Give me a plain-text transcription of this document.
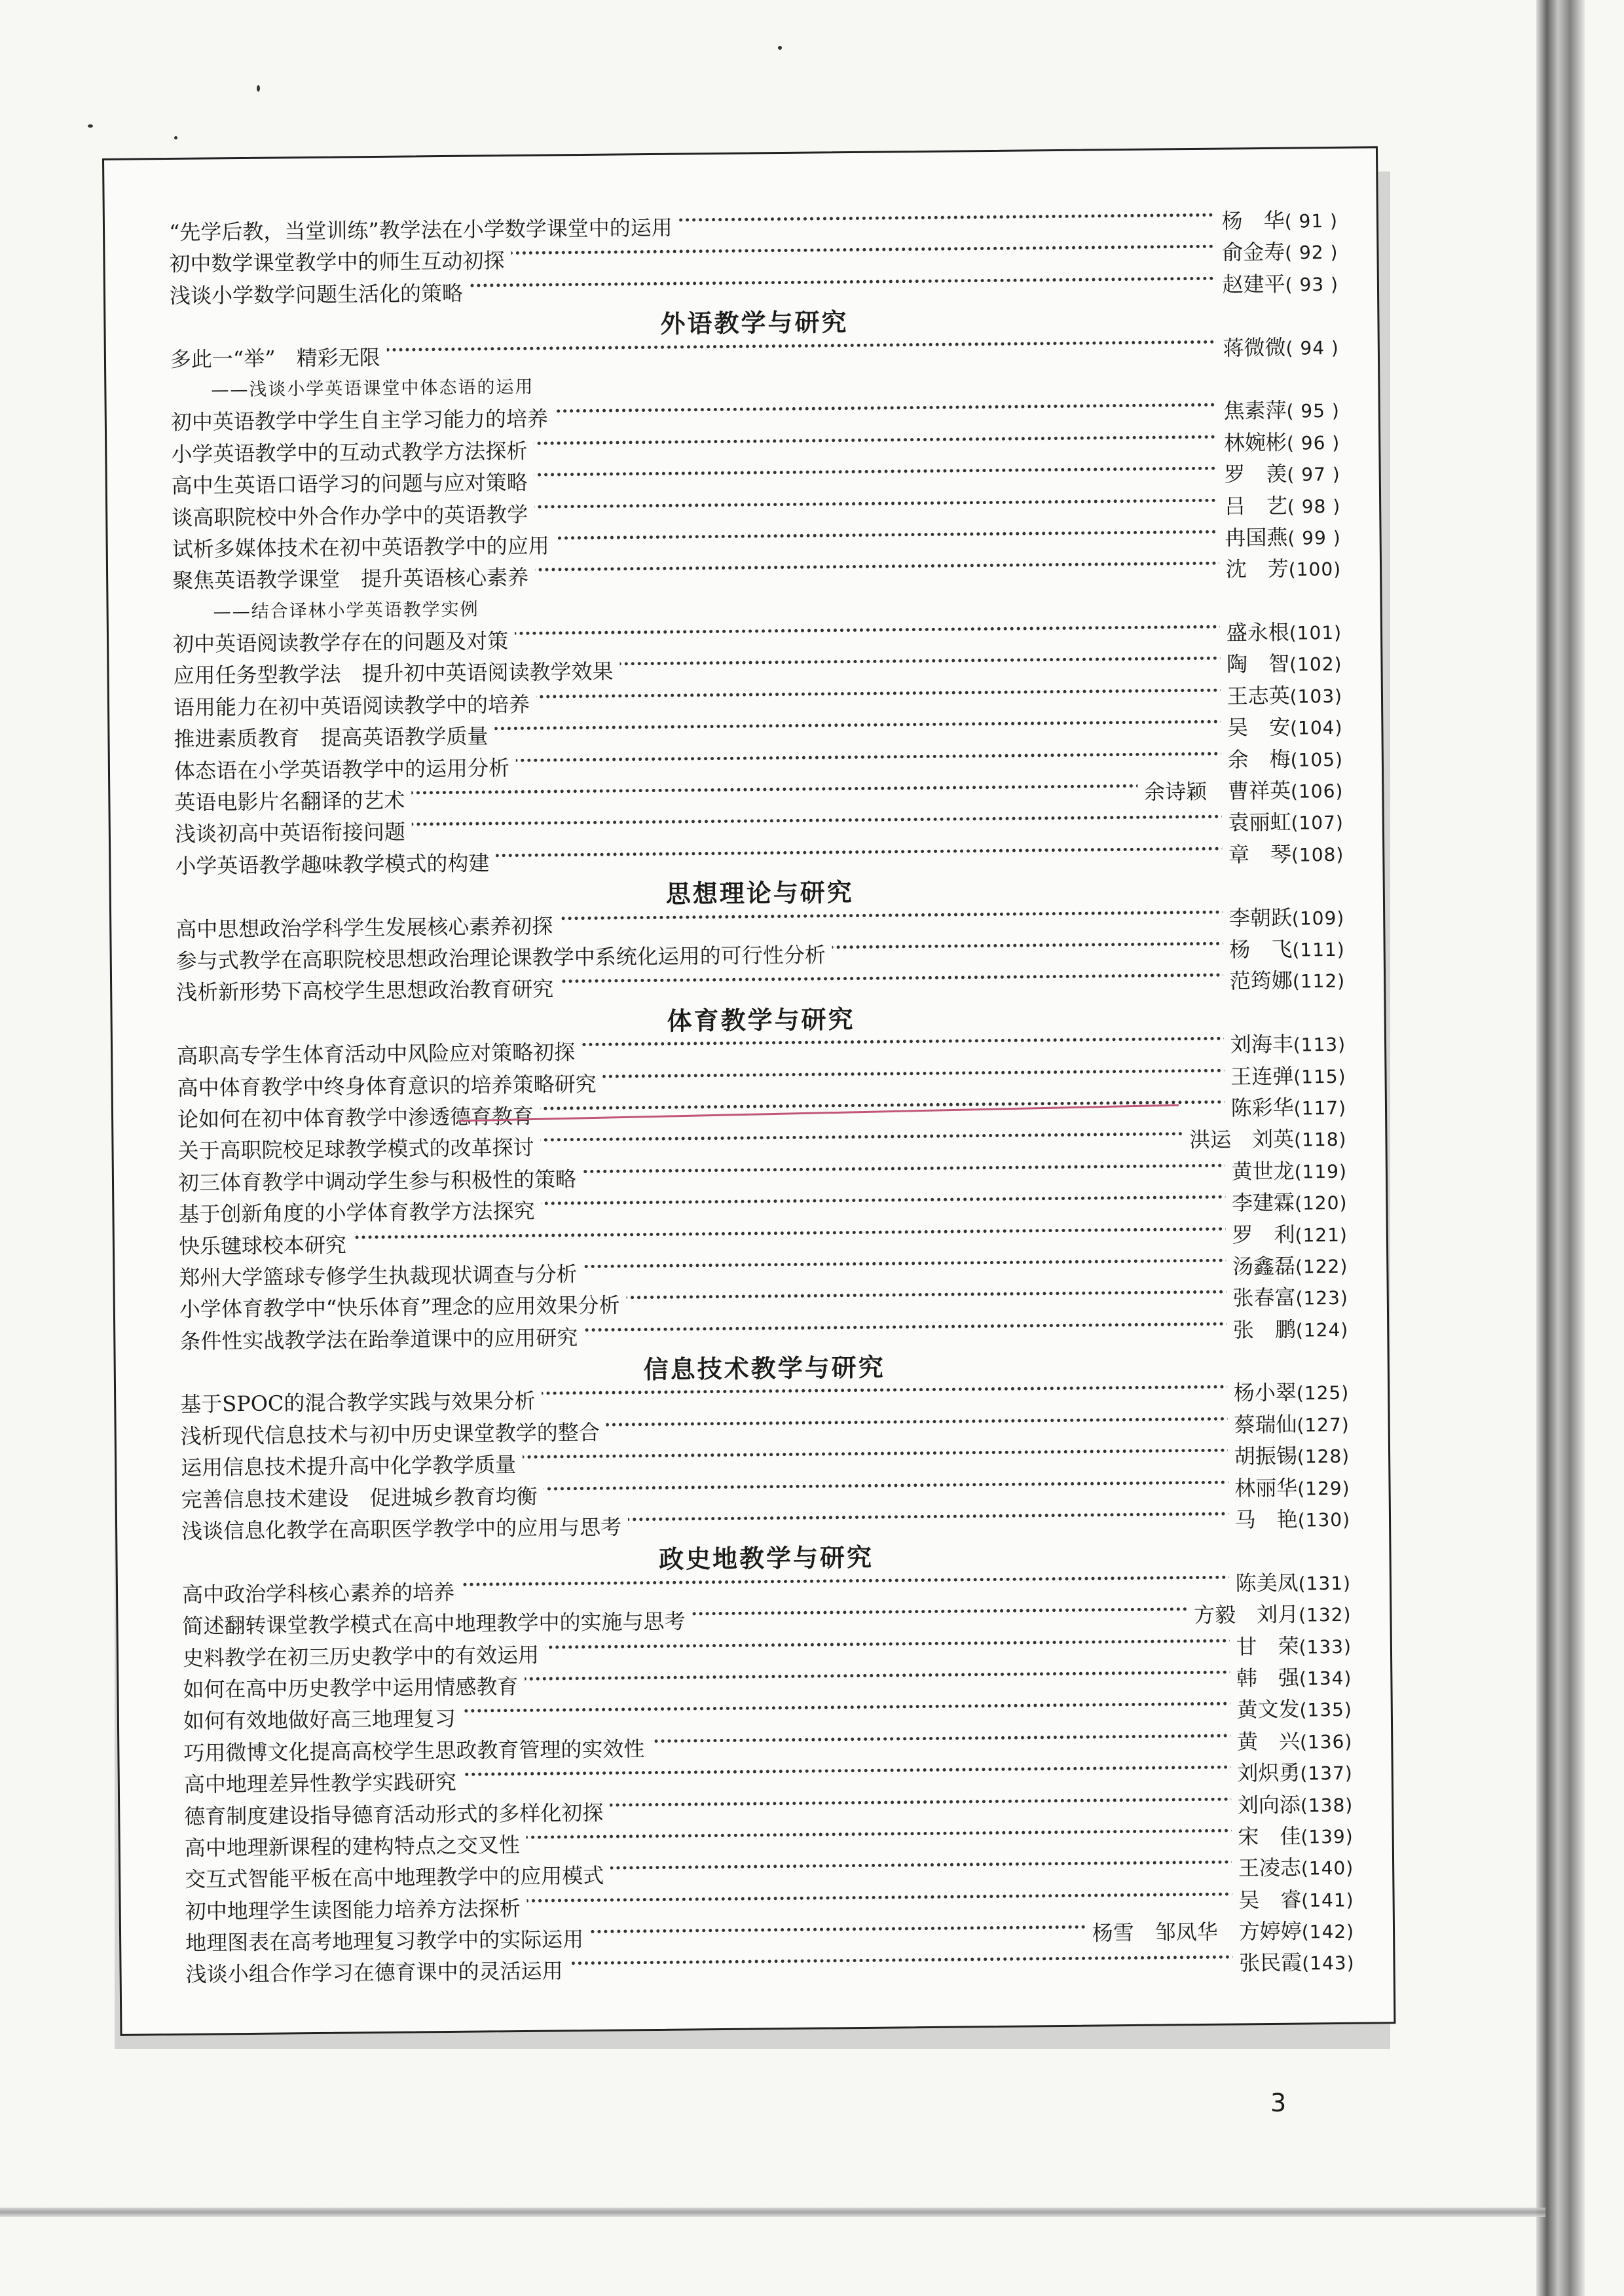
“先学后教，当堂训练”教学法在小学数学课堂中的运用	杨　华( 91 )
初中数学课堂教学中的师生互动初探	俞金寿( 92 )
浅谈小学数学问题生活化的策略	赵建平( 93 )
外语教学与研究
多此一“举”　精彩无限	蒋微微( 94 )
——浅谈小学英语课堂中体态语的运用
初中英语教学中学生自主学习能力的培养	焦素萍( 95 )
小学英语教学中的互动式教学方法探析	林婉彬( 96 )
高中生英语口语学习的问题与应对策略	罗　羡( 97 )
谈高职院校中外合作办学中的英语教学	吕　艺( 98 )
试析多媒体技术在初中英语教学中的应用	冉国燕( 99 )
聚焦英语教学课堂　提升英语核心素养	沈　芳(100)
——结合译林小学英语教学实例
初中英语阅读教学存在的问题及对策	盛永根(101)
应用任务型教学法　提升初中英语阅读教学效果	陶　智(102)
语用能力在初中英语阅读教学中的培养	王志英(103)
推进素质教育　提高英语教学质量	吴　安(104)
体态语在小学英语教学中的运用分析	余　梅(105)
英语电影片名翻译的艺术	余诗颖　曹祥英(106)
浅谈初高中英语衔接问题	袁丽虹(107)
小学英语教学趣味教学模式的构建	章　琴(108)
思想理论与研究
高中思想政治学科学生发展核心素养初探	李朝跃(109)
参与式教学在高职院校思想政治理论课教学中系统化运用的可行性分析	杨　飞(111)
浅析新形势下高校学生思想政治教育研究	范筠娜(112)
体育教学与研究
高职高专学生体育活动中风险应对策略初探	刘海丰(113)
高中体育教学中终身体育意识的培养策略研究	王连弹(115)
论如何在初中体育教学中渗透德育教育	陈彩华(117)
关于高职院校足球教学模式的改革探讨	洪运　刘英(118)
初三体育教学中调动学生参与积极性的策略	黄世龙(119)
基于创新角度的小学体育教学方法探究	李建霖(120)
快乐毽球校本研究	罗　利(121)
郑州大学篮球专修学生执裁现状调查与分析	汤鑫磊(122)
小学体育教学中“快乐体育”理念的应用效果分析	张春富(123)
条件性实战教学法在跆拳道课中的应用研究	张　鹏(124)
信息技术教学与研究
基于SPOC的混合教学实践与效果分析	杨小翠(125)
浅析现代信息技术与初中历史课堂教学的整合	蔡瑞仙(127)
运用信息技术提升高中化学教学质量	胡振锡(128)
完善信息技术建设　促进城乡教育均衡	林丽华(129)
浅谈信息化教学在高职医学教学中的应用与思考	马　艳(130)
政史地教学与研究
高中政治学科核心素养的培养	陈美凤(131)
简述翻转课堂教学模式在高中地理教学中的实施与思考	方毅　刘月(132)
史料教学在初三历史教学中的有效运用	甘　荣(133)
如何在高中历史教学中运用情感教育	韩　强(134)
如何有效地做好高三地理复习	黄文发(135)
巧用微博文化提高高校学生思政教育管理的实效性	黄　兴(136)
高中地理差异性教学实践研究	刘炽勇(137)
德育制度建设指导德育活动形式的多样化初探	刘向添(138)
高中地理新课程的建构特点之交叉性	宋　佳(139)
交互式智能平板在高中地理教学中的应用模式	王凌志(140)
初中地理学生读图能力培养方法探析	吴　睿(141)
地理图表在高考地理复习教学中的实际运用	杨雪　邹凤华　方婷婷(142)
浅谈小组合作学习在德育课中的灵活运用	张民霞(143)
3
